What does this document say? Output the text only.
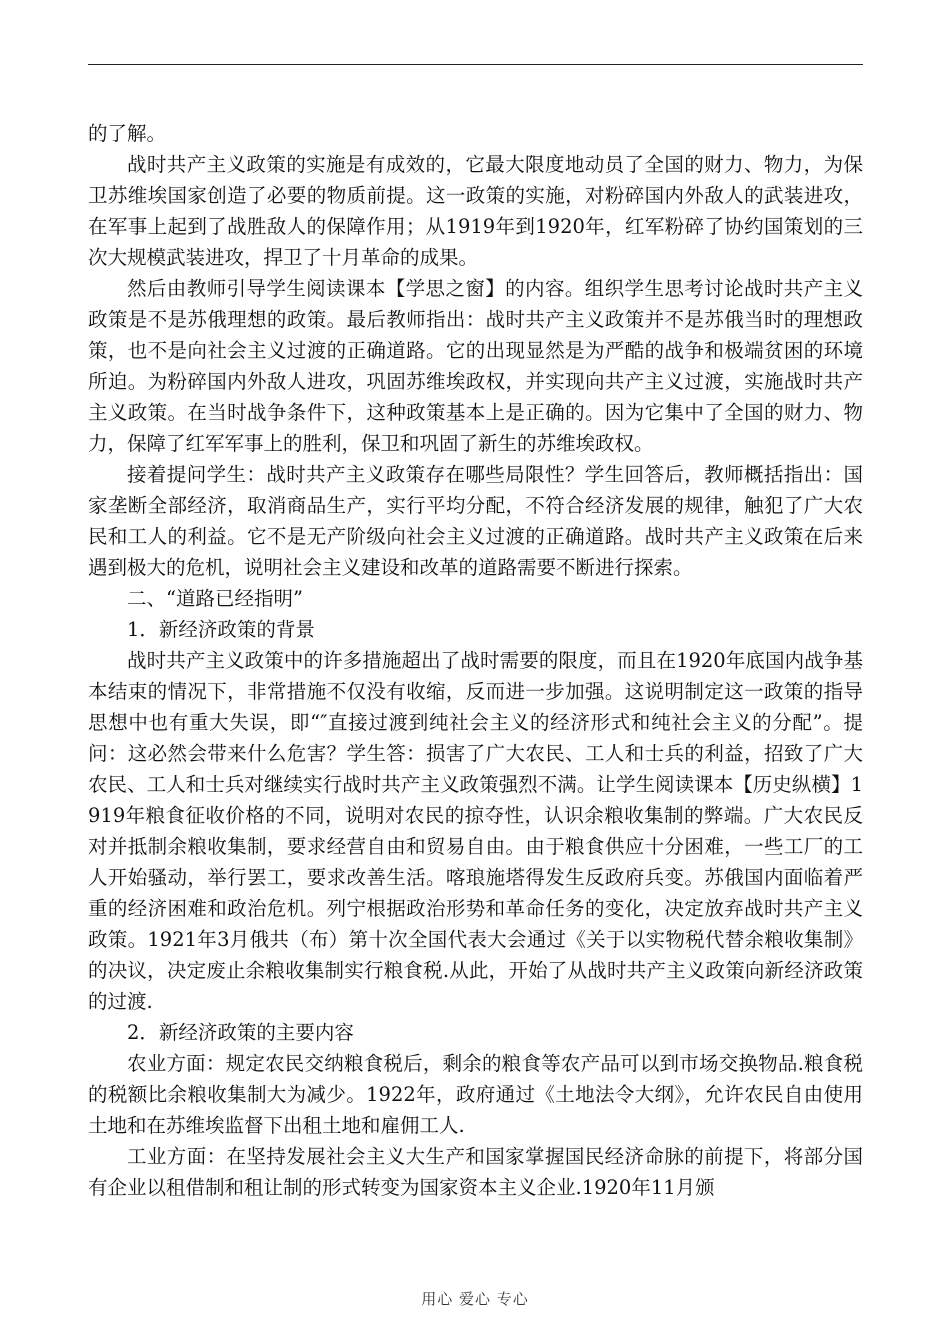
的了解。

战时共产主义政策的实施是有成效的，它最大限度地动员了全国的财力、物力，为保卫苏维埃国家创造了必要的物质前提。这一政策的实施，对粉碎国内外敌人的武装进攻，在军事上起到了战胜敌人的保障作用；从1919年到1920年，红军粉碎了协约国策划的三次大规模武装进攻，捍卫了十月革命的成果。

然后由教师引导学生阅读课本【学思之窗】的内容。组织学生思考讨论战时共产主义政策是不是苏俄理想的政策。最后教师指出：战时共产主义政策并不是苏俄当时的理想政策，也不是向社会主义过渡的正确道路。它的出现显然是为严酷的战争和极端贫困的环境所迫。为粉碎国内外敌人进攻，巩固苏维埃政权，并实现向共产主义过渡，实施战时共产主义政策。在当时战争条件下，这种政策基本上是正确的。因为它集中了全国的财力、物力，保障了红军军事上的胜利，保卫和巩固了新生的苏维埃政权。

接着提问学生：战时共产主义政策存在哪些局限性？学生回答后，教师概括指出：国家垄断全部经济，取消商品生产，实行平均分配，不符合经济发展的规律，触犯了广大农民和工人的利益。它不是无产阶级向社会主义过渡的正确道路。战时共产主义政策在后来遇到极大的危机，说明社会主义建设和改革的道路需要不断进行探索。

二、“道路已经指明”

1．新经济政策的背景

战时共产主义政策中的许多措施超出了战时需要的限度，而且在1920年底国内战争基本结束的情况下，非常措施不仅没有收缩，反而进一步加强。这说明制定这一政策的指导思想中也有重大失误，即“″直接过渡到纯社会主义的经济形式和纯社会主义的分配”。提问：这必然会带来什么危害？学生答：损害了广大农民、工人和士兵的利益，招致了广大农民、工人和士兵对继续实行战时共产主义政策强烈不满。让学生阅读课本【历史纵横】1919年粮食征收价格的不同，说明对农民的掠夺性，认识余粮收集制的弊端。广大农民反对并抵制余粮收集制，要求经营自由和贸易自由。由于粮食供应十分困难，一些工厂的工人开始骚动，举行罢工，要求改善生活。喀琅施塔得发生反政府兵变。苏俄国内面临着严重的经济困难和政治危机。列宁根据政治形势和革命任务的变化，决定放弃战时共产主义政策。1921年3月俄共（布）第十次全国代表大会通过《关于以实物税代替余粮收集制》的决议，决定废止余粮收集制实行粮食税.从此，开始了从战时共产主义政策向新经济政策的过渡.

2．新经济政策的主要内容

农业方面：规定农民交纳粮食税后，剩余的粮食等农产品可以到市场交换物品.粮食税的税额比余粮收集制大为减少。1922年，政府通过《土地法令大纲》，允许农民自由使用土地和在苏维埃监督下出租土地和雇佣工人.

工业方面：在坚持发展社会主义大生产和国家掌握国民经济命脉的前提下，将部分国有企业以租借制和租让制的形式转变为国家资本主义企业.1920年11月颁

用心 爱心 专心
